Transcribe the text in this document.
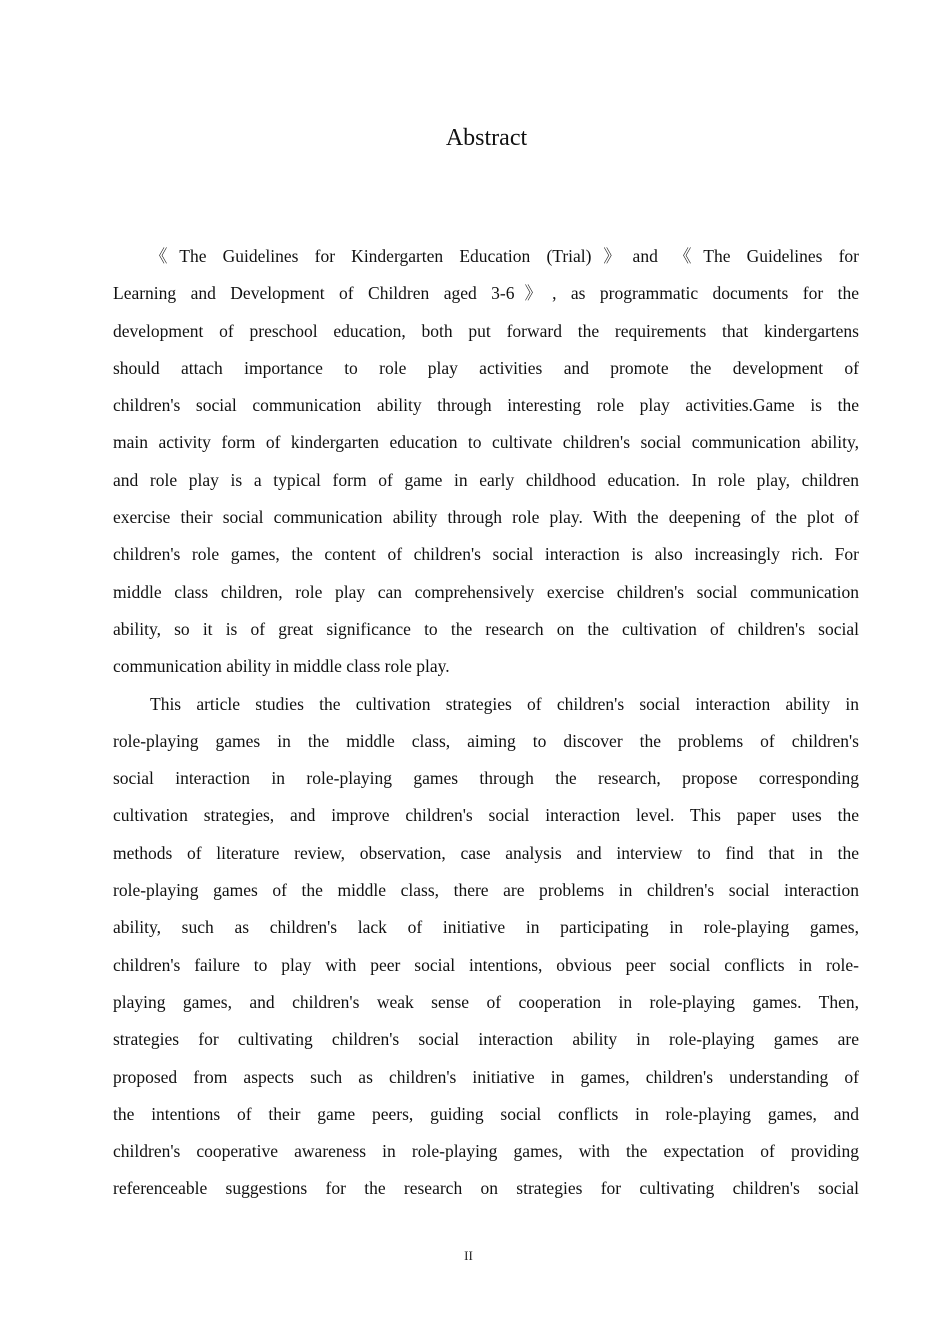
Abstract
《The Guidelines for Kindergarten Education (Trial)》and 《The Guidelines for
Learning and Development of Children aged 3-6》, as programmatic documents for the
development of preschool education, both put forward the requirements that kindergartens
should attach importance to role play activities and promote the development of
children's social communication ability through interesting role play activities.Game is the
main activity form of kindergarten education to cultivate children's social communication ability,
and role play is a typical form of game in early childhood education. In role play, children
exercise their social communication ability through role play. With the deepening of the plot of
children's role games, the content of children's social interaction is also increasingly rich. For
middle class children, role play can comprehensively exercise children's social communication
ability, so it is of great significance to the research on the cultivation of children's social
communication ability in middle class role play.
This article studies the cultivation strategies of children's social interaction ability in
role-playing games in the middle class, aiming to discover the problems of children's
social interaction in role-playing games through the research, propose corresponding
cultivation strategies, and improve children's social interaction level. This paper uses the
methods of literature review, observation, case analysis and interview to find that in the
role-playing games of the middle class, there are problems in children's social interaction
ability, such as children's lack of initiative in participating in role-playing games,
children's failure to play with peer social intentions, obvious peer social conflicts in role-
playing games, and children's weak sense of cooperation in role-playing games. Then,
strategies for cultivating children's social interaction ability in role-playing games are
proposed from aspects such as children's initiative in games, children's understanding of
the intentions of their game peers, guiding social conflicts in role-playing games, and
children's cooperative awareness in role-playing games, with the expectation of providing
referenceable suggestions for the research on strategies for cultivating children's social
II
